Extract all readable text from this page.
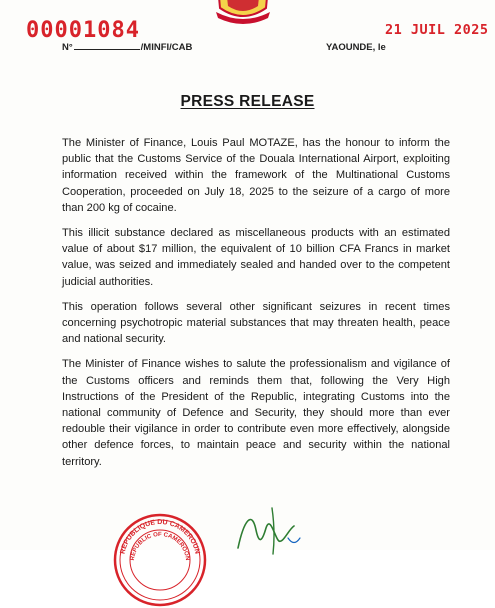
00001084
N°	/MINFI/CAB
21 JUIL 2025
YAOUNDE, le
PRESS RELEASE

The Minister of Finance, Louis Paul MOTAZE, has the honour to inform the public that the Customs Service of the Douala International Airport, exploiting information received within the framework of the Multinational Customs Cooperation, proceeded on July 18, 2025 to the seizure of a cargo of more than 200 kg of cocaine.

This illicit substance declared as miscellaneous products with an estimated value of about $17 million, the equivalent of 10 billion CFA Francs in market value, was seized and immediately sealed and handed over to the competent judicial authorities.

This operation follows several other significant seizures in recent times concerning psychotropic material substances that may threaten health, peace and national security.

The Minister of Finance wishes to salute the professionalism and vigilance of the Customs officers and reminds them that, following the Very High Instructions of the President of the Republic, integrating Customs into the national community of Defence and Security, they should more than ever redouble their vigilance in order to contribute even more effectively, alongside other defence forces, to maintain peace and security within the national territory.

REPUBLIQUE DU CAMEROUN
REPUBLIC OF CAMEROON
